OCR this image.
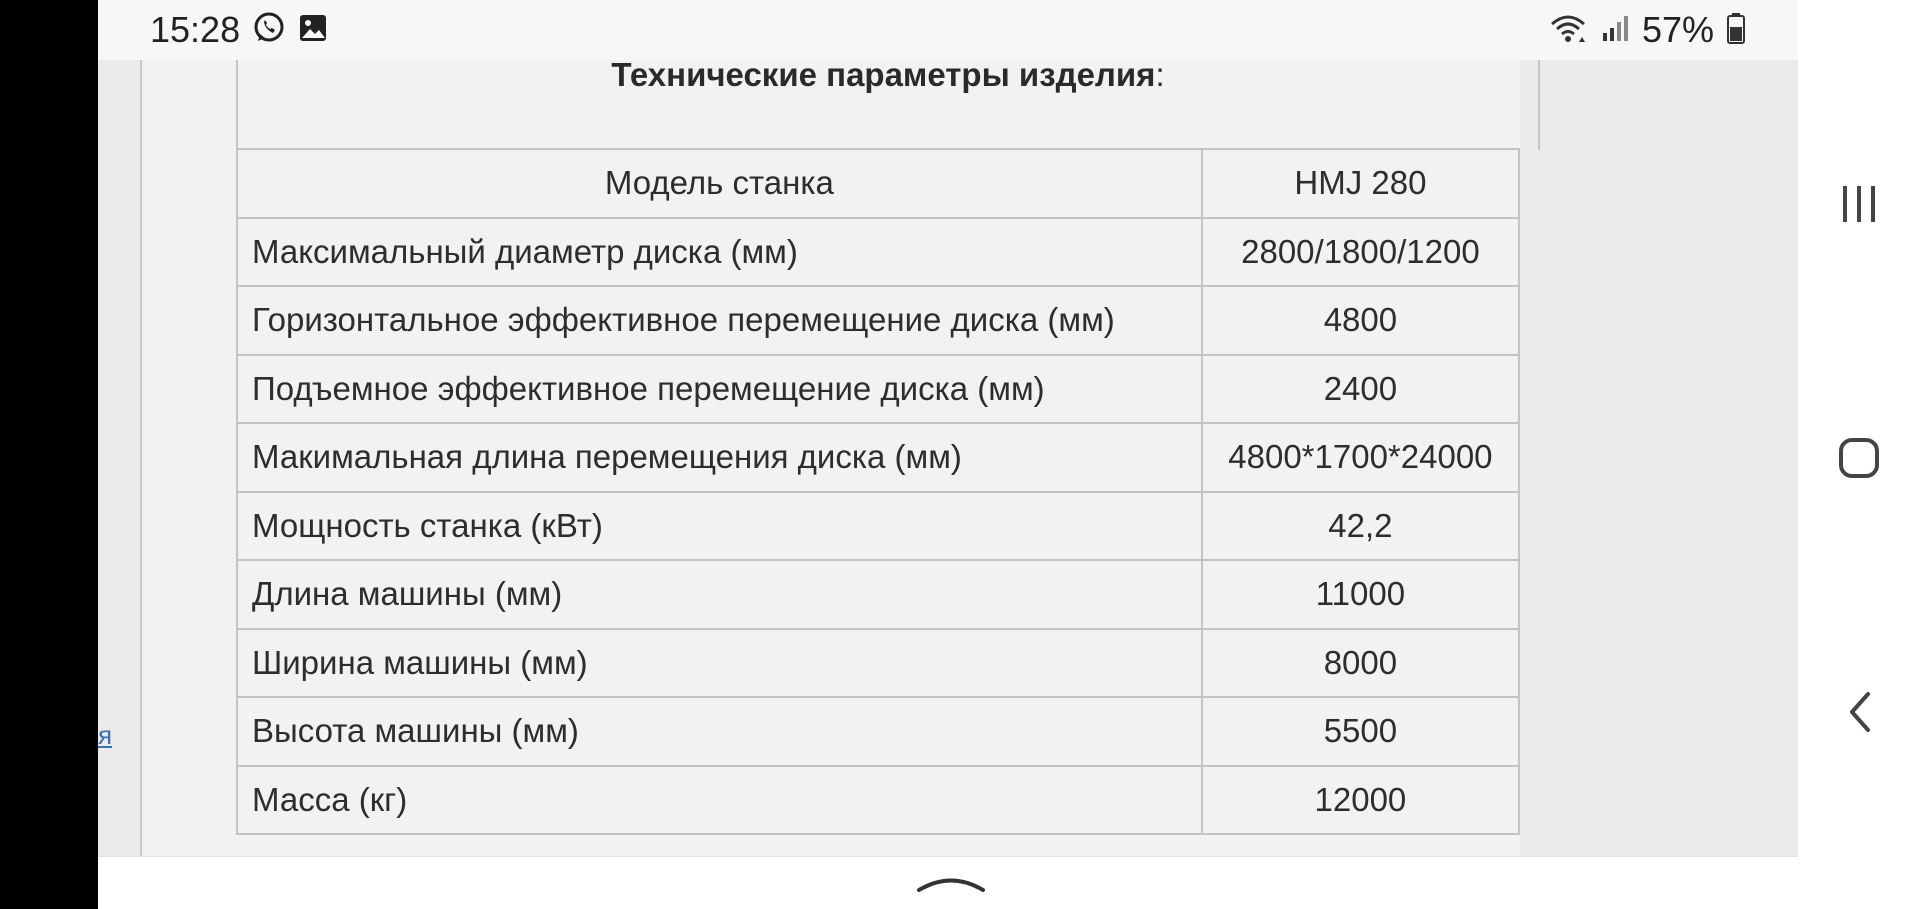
15:28	57%
я
Технические параметры изделия:
Модель станка	HMJ 280
Максимальный диаметр диска (мм)	2800/1800/1200
Горизонтальное эффективное перемещение диска (мм)	4800
Подъемное эффективное перемещение диска (мм)	2400
Макимальная длина перемещения диска (мм)	4800*1700*24000
Мощность станка (кВт)	42,2
Длина машины (мм)	11000
Ширина машины (мм)	8000
Высота машины (мм)	5500
Масса (кг)	12000
